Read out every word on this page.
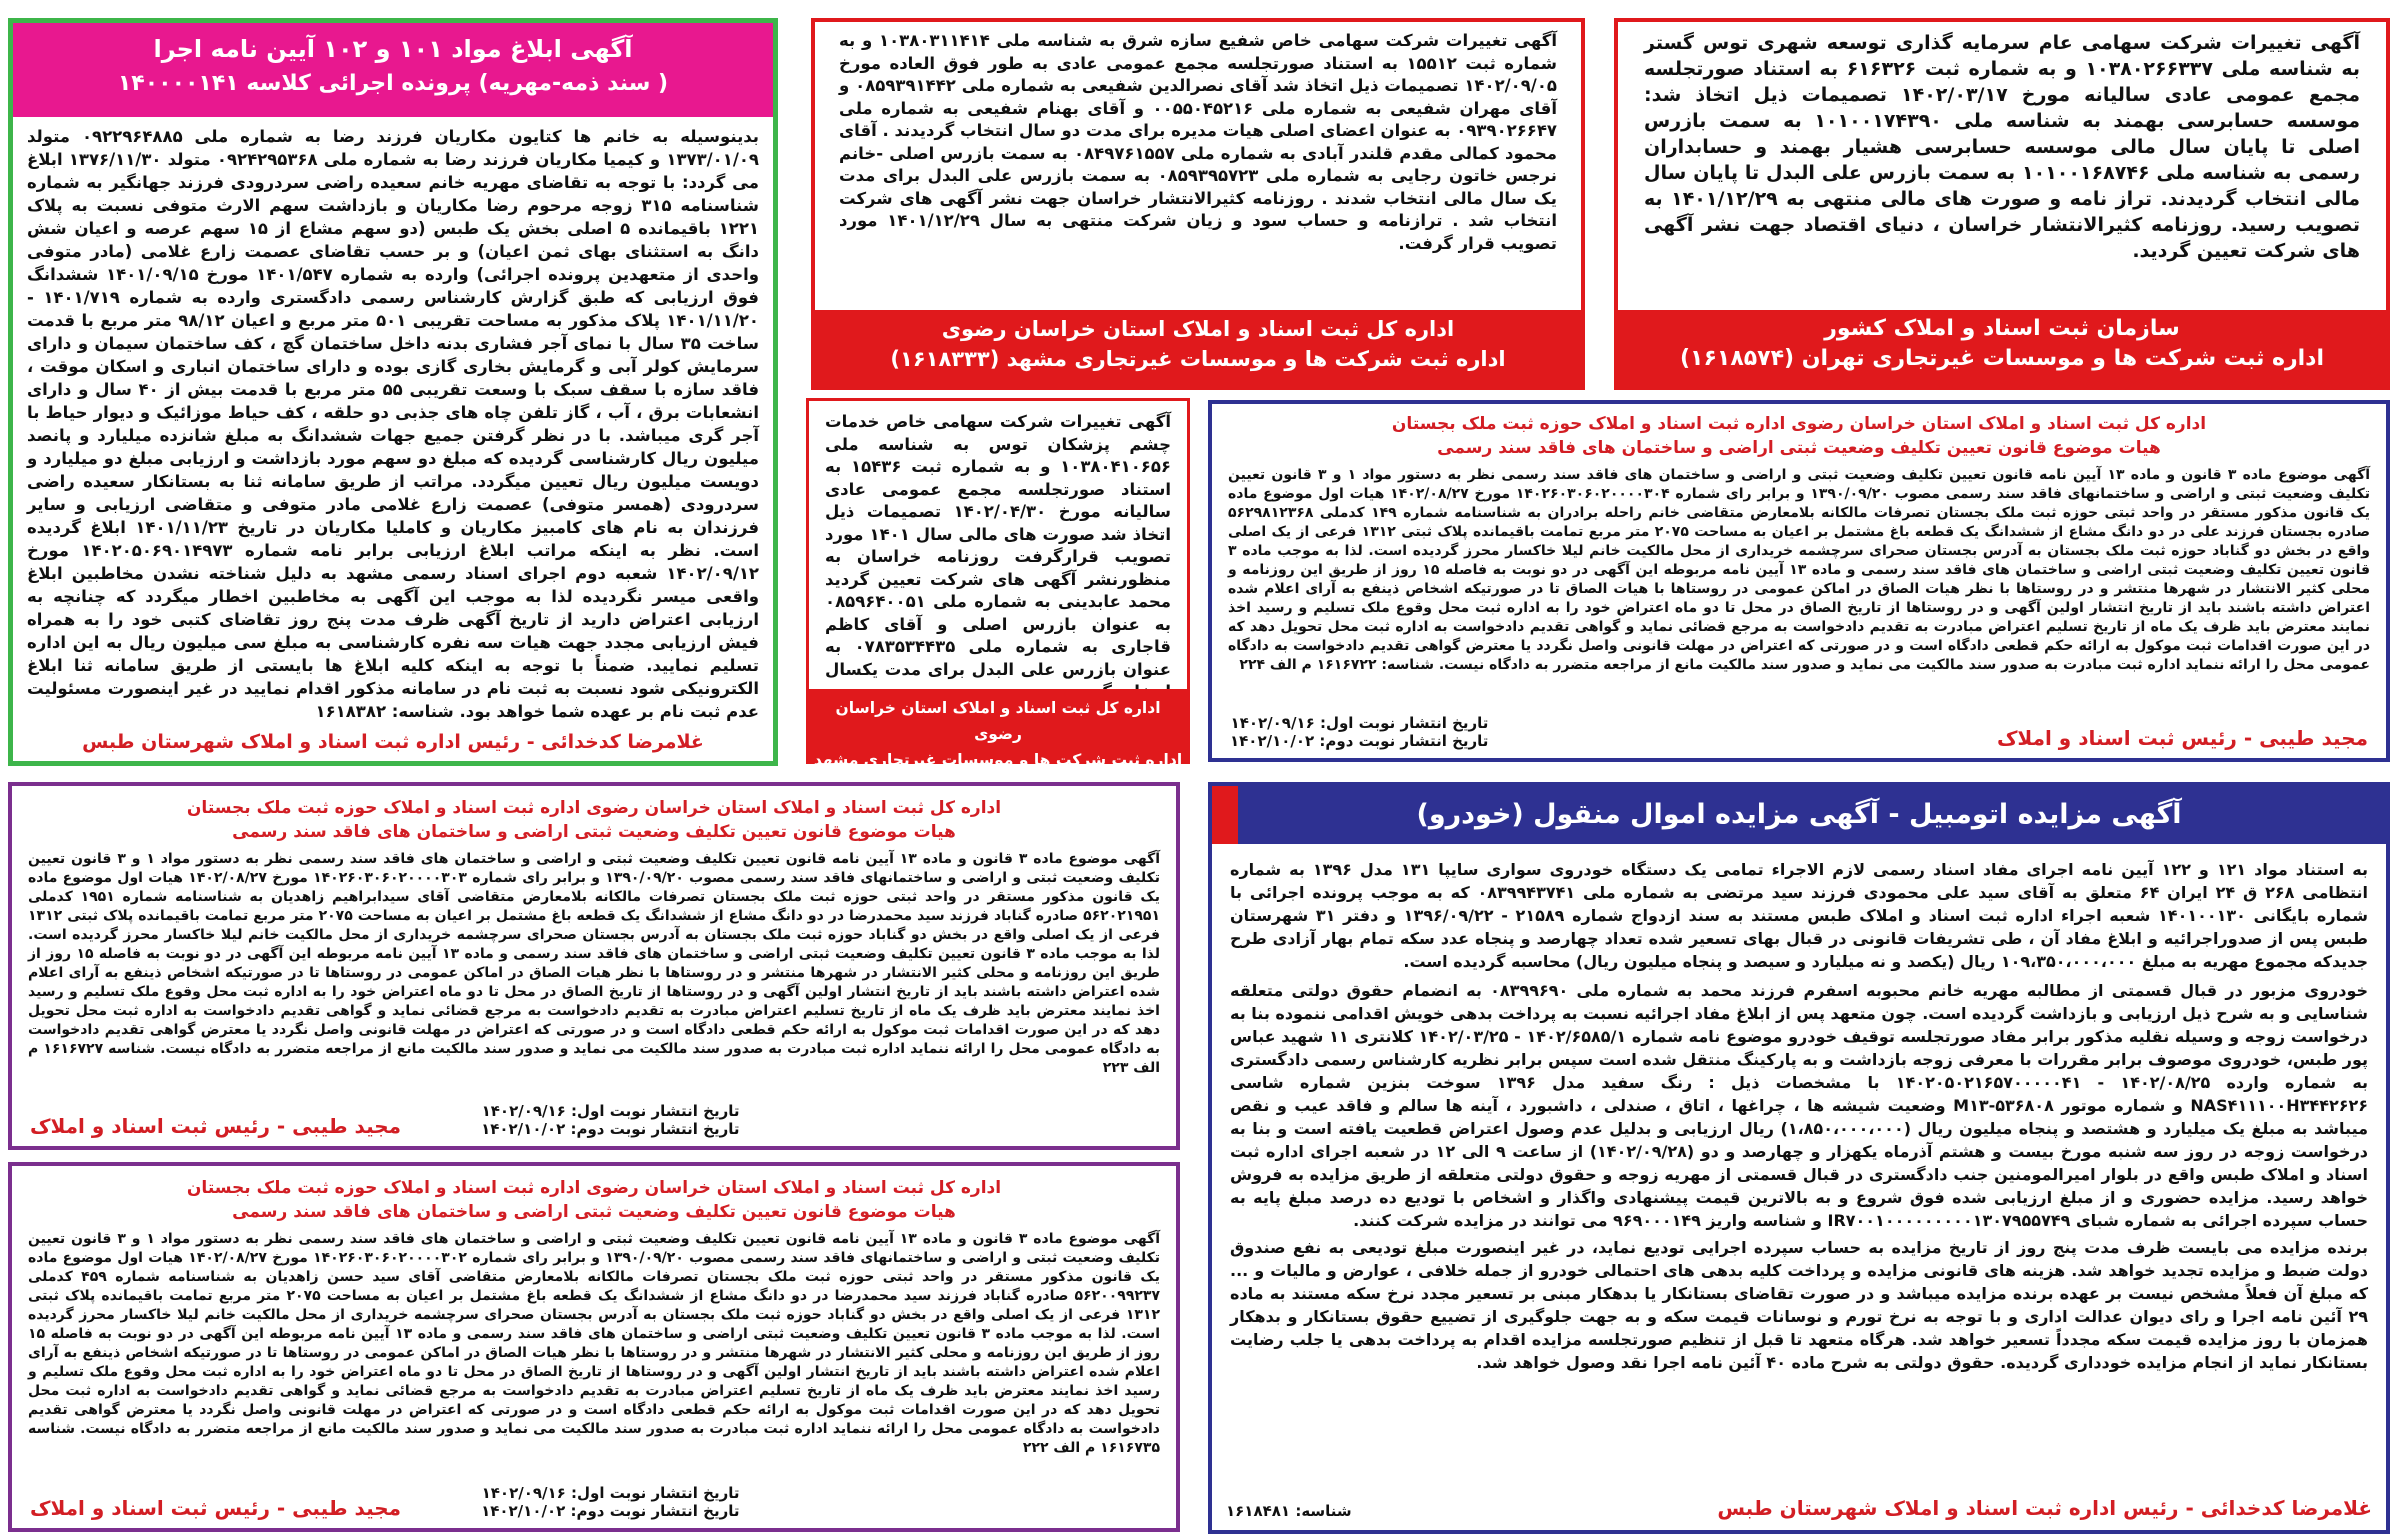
آگهی تغییرات شرکت سهامی عام سرمایه گذاری توسعه شهری توس گستر به شناسه ملی ۱۰۳۸۰۲۶۶۳۳۷ و به شماره ثبت ۶۱۶۳۲۶ به استناد صورتجلسه مجمع عمومی عادی سالیانه مورخ ۱۴۰۲/۰۳/۱۷ تصمیمات ذیل اتخاذ شد: موسسه حسابرسی بهمند به شناسه ملی ۱۰۱۰۰۱۷۴۳۹۰ به سمت بازرس اصلی تا پایان سال مالی موسسه حسابرسی هشیار بهمند و حسابداران رسمی به شناسه ملی ۱۰۱۰۰۱۶۸۷۴۶ به سمت بازرس علی البدل تا پایان سال مالی انتخاب گردیدند. تراز نامه و صورت های مالی منتهی به ۱۴۰۱/۱۲/۲۹ به تصویب رسید. روزنامه کثیرالانتشار خراسان ، دنیای اقتصاد جهت نشر آگهی های شرکت تعیین گردید.
سازمان ثبت اسناد و املاک کشور
اداره ثبت شرکت ها و موسسات غیرتجاری تهران (۱۶۱۸۵۷۴)
آگهی تغییرات شرکت سهامی خاص شفیع سازه شرق به شناسه ملی ۱۰۳۸۰۳۱۱۴۱۴ و به شماره ثبت ۱۵۵۱۲ به استناد صورتجلسه مجمع عمومی عادی به طور فوق العاده مورخ ۱۴۰۲/۰۹/۰۵ تصمیمات ذیل اتخاذ شد آقای نصرالدین شفیعی به شماره ملی ۰۸۵۹۳۹۱۴۴۲ و آقای مهران شفیعی به شماره ملی ۰۰۵۵۰۴۵۲۱۶ و آقای بهنام شفیعی به شماره ملی ۰۹۳۹۰۲۶۶۴۷ به عنوان اعضای اصلی هیات مدیره برای مدت دو سال انتخاب گردیدند . آقای محمود کمالی مقدم قلندر آبادی به شماره ملی ۰۸۴۹۷۶۱۵۵۷ به سمت بازرس اصلی -خانم نرجس خاتون رجایی به شماره ملی ۰۸۵۹۳۹۵۷۲۳ به سمت بازرس علی البدل برای مدت یک سال مالی انتخاب شدند . روزنامه کثیرالانتشار خراسان جهت نشر آگهی های شرکت انتخاب شد . ترازنامه و حساب سود و زیان شرکت منتهی به سال ۱۴۰۱/۱۲/۲۹ مورد تصویب قرار گرفت.
اداره کل ثبت اسناد و املاک استان خراسان رضوی
اداره ثبت شرکت ها و موسسات غیرتجاری مشهد (۱۶۱۸۳۳۳)
آگهی ابلاغ مواد ۱۰۱ و ۱۰۲ آیین نامه اجرا
( سند ذمه-مهریه) پرونده اجرائی کلاسه ۱۴۰۰۰۰۱۴۱
بدینوسیله به خانم ها کتایون مکاریان فرزند رضا به شماره ملی ۰۹۲۲۹۶۴۸۸۵ متولد ۱۳۷۳/۰۱/۰۹ و کیمیا مکاریان فرزند رضا به شماره ملی ۰۹۲۴۲۹۵۳۶۸ متولد ۱۳۷۶/۱۱/۳۰ ابلاغ می گردد: با توجه به تقاضای مهریه خانم سعیده راضی سردرودی فرزند جهانگیر به شماره شناسنامه ۳۱۵ زوجه مرحوم رضا مکاریان و بازداشت سهم الارث متوفی نسبت به پلاک ۱۲۲۱ باقیمانده ۵ اصلی بخش یک طبس (دو سهم مشاع از ۱۵ سهم عرصه و اعیان شش دانگ به استثنای بهای ثمن اعیان) و بر حسب تقاضای عصمت زارع غلامی (مادر متوفی واحدی از متعهدین پرونده اجرائی) وارده به شماره ۱۴۰۱/۵۴۷ مورخ ۱۴۰۱/۰۹/۱۵ ششدانگ فوق ارزیابی که طبق گزارش کارشناس رسمی دادگستری وارده به شماره ۱۴۰۱/۷۱۹ - ۱۴۰۱/۱۱/۲۰ پلاک مذکور به مساحت تقریبی ۵۰۱ متر مربع و اعیان ۹۸/۱۲ متر مربع با قدمت ساخت ۳۵ سال با نمای آجر فشاری بدنه داخل ساختمان گچ ، کف ساختمان سیمان و دارای سرمایش کولر آبی و گرمایش بخاری گازی بوده و دارای ساختمان انباری و اسکان موقت ، فاقد سازه با سقف سبک با وسعت تقریبی ۵۵ متر مربع با قدمت بیش از ۴۰ سال و دارای انشعابات برق ، آب ، گاز تلفن چاه های جذبی دو حلقه ، کف حیاط موزائیک و دیوار حیاط با آجر گری میباشد. با در نظر گرفتن جمیع جهات ششدانگ به مبلغ شانزده میلیارد و پانصد میلیون ریال کارشناسی گردیده که مبلغ دو سهم مورد بازداشت و ارزیابی مبلغ دو میلیارد و دویست میلیون ریال تعیین میگردد. مراتب از طریق سامانه ثنا به بستانکار سعیده راضی سردرودی (همسر متوفی) عصمت زارع غلامی مادر متوفی و متقاضی ارزیابی و سایر فرزندان به نام های کامبیز مکاریان و کاملیا مکاریان در تاریخ ۱۴۰۱/۱۱/۲۳ ابلاغ گردیده است. نظر به اینکه مراتب ابلاغ ارزیابی برابر نامه شماره ۱۴۰۲۰۵۰۶۹۰۱۴۹۷۳ مورخ ۱۴۰۲/۰۹/۱۲ شعبه دوم اجرای اسناد رسمی مشهد به دلیل شناخته نشدن مخاطبین ابلاغ واقعی میسر نگردیده لذا به موجب این آگهی به مخاطبین اخطار میگردد که چنانچه به ارزیابی اعتراض دارید از تاریخ آگهی ظرف مدت پنج روز تقاضای کتبی خود را به همراه فیش ارزیابی مجدد جهت هیات سه نفره کارشناسی به مبلغ سی میلیون ریال به این اداره تسلیم نمایید. ضمناً با توجه به اینکه کلیه ابلاغ ها بایستی از طریق سامانه ثنا ابلاغ الکترونیکی شود نسبت به ثبت نام در سامانه مذکور اقدام نمایید در غیر اینصورت مسئولیت عدم ثبت نام بر عهده شما خواهد بود. شناسه: ۱۶۱۸۳۸۲
غلامرضا کدخدائی - رئیس اداره ثبت اسناد و املاک شهرستان طبس
آگهی تغییرات شرکت سهامی خاص خدمات چشم پزشکان توس به شناسه ملی ۱۰۳۸۰۴۱۰۶۵۶ و به شماره ثبت ۱۵۴۳۶ به استناد صورتجلسه مجمع عمومی عادی سالیانه مورخ ۱۴۰۲/۰۴/۳۰ تصمیمات ذیل اتخاذ شد صورت های مالی سال ۱۴۰۱ مورد تصویب قرارگرفت روزنامه خراسان به منظورنشر آگهی های شرکت تعیین گردید محمد عابدینی به شماره ملی ۰۸۵۹۶۴۰۰۵۱ به عنوان بازرس اصلی و آقای کاظم قاجاری به شماره ملی ۰۷۸۳۵۳۴۴۳۵ به عنوان بازرس علی البدل برای مدت یکسال
اداره کل ثبت اسناد و املاک استان خراسان رضوی
اداره ثبت شرکت ها و موسسات غیرتجاری مشهد
اداره کل ثبت اسناد و املاک استان خراسان رضوی اداره ثبت اسناد و املاک حوزه ثبت ملک بجستان
هیات موضوع قانون تعیین تکلیف وضعیت ثبتی اراضی و ساختمان های فاقد سند رسمی
آگهی موضوع ماده ۳ قانون و ماده ۱۳ آیین نامه قانون تعیین تکلیف وضعیت ثبتی و اراضی و ساختمان های فاقد سند رسمی نظر به دستور مواد ۱ و ۳ قانون تعیین تکلیف وضعیت ثبتی و اراضی و ساختمانهای فاقد سند رسمی مصوب ۱۳۹۰/۰۹/۲۰ و برابر رای شماره ۱۴۰۲۶۰۳۰۶۰۲۰۰۰۰۳۰۴ مورخ ۱۴۰۲/۰۸/۲۷ هیات اول موضوع ماده یک قانون مذکور مستقر در واحد ثبتی حوزه ثبت ملک بجستان تصرفات مالکانه بلامعارض متقاضی خانم راحله برادران به شناسنامه شماره ۱۴۹ کدملی ۵۶۲۹۸۱۲۳۶۸ صادره بجستان فرزند علی در دو دانگ مشاع از ششدانگ یک قطعه باغ مشتمل بر اعیان به مساحت ۲۰۷۵ متر مربع تمامت باقیمانده پلاک ثبتی ۱۳۱۲ فرعی از یک اصلی واقع در بخش دو گناباد حوزه ثبت ملک بجستان به آدرس بجستان صحرای سرچشمه خریداری از محل مالکیت خانم لیلا خاکسار محرز گردیده است. لذا به موجب ماده ۳ قانون تعیین تکلیف وضعیت ثبتی اراضی و ساختمان های فاقد سند رسمی و ماده ۱۳ آیین نامه مربوطه این آگهی در دو نوبت به فاصله ۱۵ روز از طریق این روزنامه و محلی کثیر الانتشار در شهرها منتشر و در روستاها با نظر هیات الصاق در اماکن عمومی در روستاها با هیات الصاق تا در صورتیکه اشخاص ذینفع به آرای اعلام شده اعتراض داشته باشند باید از تاریخ انتشار اولین آگهی و در روستاها از تاریخ الصاق در محل تا دو ماه اعتراض خود را به اداره ثبت محل وقوع ملک تسلیم و رسید اخذ نمایند معترض باید ظرف یک ماه از تاریخ تسلیم اعتراض مبادرت به تقدیم دادخواست به مرجع قضائی نماید و گواهی تقدیم دادخواست به اداره ثبت محل تحویل دهد که در این صورت اقدامات ثبت موکول به ارائه حکم قطعی دادگاه است و در صورتی که اعتراض در مهلت قانونی واصل نگردد یا معترض گواهی تقدیم دادخواست به دادگاه عمومی محل را ارائه ننماید اداره ثبت مبادرت به صدور سند مالکیت می نماید و صدور سند مالکیت مانع از مراجعه متضرر به دادگاه نیست. شناسه: ۱۶۱۶۷۲۲ م الف ۲۲۴
تاریخ انتشار نوبت اول: ۱۴۰۲/۰۹/۱۶
تاریخ انتشار نوبت دوم: ۱۴۰۲/۱۰/۰۲	مجید طیبی - رئیس ثبت اسناد و املاک
اداره کل ثبت اسناد و املاک استان خراسان رضوی اداره ثبت اسناد و املاک حوزه ثبت ملک بجستان
هیات موضوع قانون تعیین تکلیف وضعیت ثبتی اراضی و ساختمان های فاقد سند رسمی
آگهی موضوع ماده ۳ قانون و ماده ۱۳ آیین نامه قانون تعیین تکلیف وضعیت ثبتی و اراضی و ساختمان های فاقد سند رسمی نظر به دستور مواد ۱ و ۳ قانون تعیین تکلیف وضعیت ثبتی و اراضی و ساختمانهای فاقد سند رسمی مصوب ۱۳۹۰/۰۹/۲۰ و برابر رای شماره ۱۴۰۲۶۰۳۰۶۰۲۰۰۰۰۳۰۳ مورخ ۱۴۰۲/۰۸/۲۷ هیات اول موضوع ماده یک قانون مذکور مستقر در واحد ثبتی حوزه ثبت ملک بجستان تصرفات مالکانه بلامعارض متقاضی آقای سیدابراهیم زاهدیان به شناسنامه شماره ۱۹۵۱ کدملی ۵۶۲۰۲۱۹۵۱ صادره گناباد فرزند سید محمدرضا در دو دانگ مشاع از ششدانگ یک قطعه باغ مشتمل بر اعیان به مساحت ۲۰۷۵ متر مربع تمامت باقیمانده پلاک ثبتی ۱۳۱۲ فرعی از یک اصلی واقع در بخش دو گناباد حوزه ثبت ملک بجستان به آدرس بجستان صحرای سرچشمه خریداری از محل مالکیت خانم لیلا خاکسار محرز گردیده است. لذا به موجب ماده ۳ قانون تعیین تکلیف وضعیت ثبتی اراضی و ساختمان های فاقد سند رسمی و ماده ۱۳ آیین نامه مربوطه این آگهی در دو نوبت به فاصله ۱۵ روز از طریق این روزنامه و محلی کثیر الانتشار در شهرها منتشر و در روستاها با نظر هیات الصاق در اماکن عمومی در روستاها تا در صورتیکه اشخاص ذینفع به آرای اعلام شده اعتراض داشته باشند باید از تاریخ انتشار اولین آگهی و در روستاها از تاریخ الصاق در محل تا دو ماه اعتراض خود را به اداره ثبت محل وقوع ملک تسلیم و رسید اخذ نمایند معترض باید ظرف یک ماه از تاریخ تسلیم اعتراض مبادرت به تقدیم دادخواست به مرجع قضائی نماید و گواهی تقدیم دادخواست به اداره ثبت محل تحویل دهد که در این صورت اقدامات ثبت موکول به ارائه حکم قطعی دادگاه است و در صورتی که اعتراض در مهلت قانونی واصل نگردد یا معترض گواهی تقدیم دادخواست به دادگاه عمومی محل را ارائه ننماید اداره ثبت مبادرت به صدور سند مالکیت می نماید و صدور سند مالکیت مانع از مراجعه متضرر به دادگاه نیست. شناسه ۱۶۱۶۷۲۷ م الف ۲۲۳
مجید طیبی - رئیس ثبت اسناد و املاک
تاریخ انتشار نوبت اول: ۱۴۰۲/۰۹/۱۶
تاریخ انتشار نوبت دوم: ۱۴۰۲/۱۰/۰۲
اداره کل ثبت اسناد و املاک استان خراسان رضوی اداره ثبت اسناد و املاک حوزه ثبت ملک بجستان
هیات موضوع قانون تعیین تکلیف وضعیت ثبتی اراضی و ساختمان های فاقد سند رسمی
آگهی موضوع ماده ۳ قانون و ماده ۱۳ آیین نامه قانون تعیین تکلیف وضعیت ثبتی و اراضی و ساختمان های فاقد سند رسمی نظر به دستور مواد ۱ و ۳ قانون تعیین تکلیف وضعیت ثبتی و اراضی و ساختمانهای فاقد سند رسمی مصوب ۱۳۹۰/۰۹/۲۰ و برابر رای شماره ۱۴۰۲۶۰۳۰۶۰۲۰۰۰۰۳۰۲ مورخ ۱۴۰۲/۰۸/۲۷ هیات اول موضوع ماده یک قانون مذکور مستقر در واحد ثبتی حوزه ثبت ملک بجستان تصرفات مالکانه بلامعارض متقاضی آقای سید حسن زاهدیان به شناسنامه شماره ۴۵۹ کدملی ۵۶۲۰۰۹۹۲۳۷ صادره گناباد فرزند سید محمدرضا در دو دانگ مشاع از ششدانگ یک قطعه باغ مشتمل بر اعیان به مساحت ۲۰۷۵ متر مربع تمامت باقیمانده پلاک ثبتی ۱۳۱۲ فرعی از یک اصلی واقع در بخش دو گناباد حوزه ثبت ملک بجستان به آدرس بجستان صحرای سرچشمه خریداری از محل مالکیت خانم لیلا خاکسار محرز گردیده است. لذا به موجب ماده ۳ قانون تعیین تکلیف وضعیت ثبتی اراضی و ساختمان های فاقد سند رسمی و ماده ۱۳ آیین نامه مربوطه این آگهی در دو نوبت به فاصله ۱۵ روز از طریق این روزنامه و محلی کثیر الانتشار در شهرها منتشر و در روستاها با نظر هیات الصاق در اماکن عمومی در روستاها تا در صورتیکه اشخاص ذینفع به آرای اعلام شده اعتراض داشته باشند باید از تاریخ انتشار اولین آگهی و در روستاها از تاریخ الصاق در محل تا دو ماه اعتراض خود را به اداره ثبت محل وقوع ملک تسلیم و رسید اخذ نمایند معترض باید ظرف یک ماه از تاریخ تسلیم اعتراض مبادرت به تقدیم دادخواست به مرجع قضائی نماید و گواهی تقدیم دادخواست به اداره ثبت محل تحویل دهد که در این صورت اقدامات ثبت موکول به ارائه حکم قطعی دادگاه است و در صورتی که اعتراض در مهلت قانونی واصل نگردد یا معترض گواهی تقدیم دادخواست به دادگاه عمومی محل را ارائه ننماید اداره ثبت مبادرت به صدور سند مالکیت می نماید و صدور سند مالکیت مانع از مراجعه متضرر به دادگاه نیست. شناسه ۱۶۱۶۷۳۵ م الف ۲۲۲
مجید طیبی - رئیس ثبت اسناد و املاک
تاریخ انتشار نوبت اول: ۱۴۰۲/۰۹/۱۶
تاریخ انتشار نوبت دوم: ۱۴۰۲/۱۰/۰۲
آگهی مزایده اتومبیل - آگهی مزایده اموال منقول (خودرو)
به استناد مواد ۱۲۱ و ۱۲۲ آیین نامه اجرای مفاد اسناد رسمی لازم الاجراء تمامی یک دستگاه خودروی سواری سایپا ۱۳۱ مدل ۱۳۹۶ به شماره انتظامی ۲۶۸ ق ۲۴ ایران ۶۴ متعلق به آقای سید علی محمودی فرزند سید مرتضی به شماره ملی ۰۸۳۹۹۴۳۷۴۱ که به موجب پرونده اجرائی با شماره بایگانی ۱۴۰۱۰۰۱۳۰ شعبه اجراء اداره ثبت اسناد و املاک طبس مستند به سند ازدواج شماره ۲۱۵۸۹ - ۱۳۹۶/۰۹/۲۲ و دفتر ۳۱ شهرستان طبس پس از صدوراجرائیه و ابلاغ مفاد آن ، طی تشریفات قانونی در قبال بهای تسعیر شده تعداد چهارصد و پنجاه عدد سکه تمام بهار آزادی طرح جدیدکه مجموع مهریه به مبلغ ۱۰۹،۳۵۰،۰۰۰،۰۰۰ ریال (یکصد و نه میلیارد و سیصد و پنجاه میلیون ریال) محاسبه گردیده است.
خودروی مزبور در قبال قسمتی از مطالبه مهریه خانم محبوبه اسفرم فرزند محمد به شماره ملی ۰۸۳۹۹۶۹۰ به انضمام حقوق دولتی متعلقه شناسایی و به شرح ذیل ارزیابی و بازداشت گردیده است. چون متعهد پس از ابلاغ مفاد اجرائیه نسبت به پرداخت بدهی خویش اقدامی ننموده بنا به درخواست زوجه و وسیله نقلیه مذکور برابر مفاد صورتجلسه توقیف خودرو موضوع نامه شماره ۱۴۰۲/۶۵۸۵/۱ - ۱۴۰۲/۰۳/۲۵ کلانتری ۱۱ شهید عباس پور طبس، خودروی موصوف برابر مقررات با معرفی زوجه بازداشت و به پارکینگ منتقل شده است سپس برابر نظریه کارشناس رسمی دادگستری به شماره وارده ۱۴۰۲/۰۸/۲۵ - ۱۴۰۲۰۵۰۲۱۶۵۷۰۰۰۰۰۴۱ با مشخصات ذیل : رنگ سفید مدل ۱۳۹۶ سوخت بنزین شماره شاسی NAS۴۱۱۱۰۰H۳۴۴۲۶۲۶ و شماره موتور M۱۳-۵۳۶۸۰۸ وضعیت شیشه ها ، چراغها ، اتاق ، صندلی ، داشبورد ، آینه ها سالم و فاقد عیب و نقص میباشد به مبلغ یک میلیارد و هشتصد و پنجاه میلیون ریال (۱،۸۵۰،۰۰۰،۰۰۰) ریال ارزیابی و بدلیل عدم وصول اعتراض قطعیت یافته است و بنا به درخواست زوجه در روز سه شنبه مورخ بیست و هشتم آذرماه یکهزار و چهارصد و دو (۱۴۰۲/۰۹/۲۸) از ساعت ۹ الی ۱۲ در شعبه اجرای اداره ثبت اسناد و املاک طبس واقع در بلوار امیرالمومنین جنب دادگستری در قبال قسمتی از مهریه زوجه و حقوق دولتی متعلقه از طریق مزایده به فروش خواهد رسید. مزایده حضوری و از مبلغ ارزیابی شده فوق شروع و به بالاترین قیمت پیشنهادی واگذار و اشخاص با تودیع ده درصد مبلغ پایه به حساب سپرده اجرائی به شماره شبای IR۷۰۰۱۰۰۰۰۰۰۰۰۰۱۳۰۷۹۵۵۷۴۹ و شناسه واریز ۹۶۹۰۰۰۱۴۹ می توانند در مزایده شرکت کنند.
برنده مزایده می بایست ظرف مدت پنج روز از تاریخ مزایده به حساب سپرده اجرایی تودیع نماید، در غیر اینصورت مبلغ تودیعی به نفع صندوق دولت ضبط و مزایده تجدید خواهد شد. هزینه های قانونی مزایده و پرداخت کلیه بدهی های احتمالی خودرو از جمله خلافی ، عوارض و مالیات و ... که مبلغ آن فعلاً مشخص نیست بر عهده برنده مزایده میباشد و در صورت تقاضای بستانکار یا بدهکار مبنی بر تسعیر مجدد نرخ سکه مستند به ماده ۲۹ آئین نامه اجرا و رای دیوان عدالت اداری و با توجه به نرخ تورم و نوسانات قیمت سکه و به جهت جلوگیری از تضییع حقوق بستانکار و بدهکار همزمان با روز مزایده قیمت سکه مجدداً تسعیر خواهد شد. هرگاه متعهد تا قبل از تنظیم صورتجلسه مزایده اقدام به پرداخت بدهی یا جلب رضایت بستانکار نماید از انجام مزایده خودداری گردیده. حقوق دولتی به شرح ماده ۴۰ آئین نامه اجرا نقد وصول خواهد شد.
شناسه: ۱۶۱۸۴۸۱	غلامرضا کدخدائی - رئیس اداره ثبت اسناد و املاک شهرستان طبس
